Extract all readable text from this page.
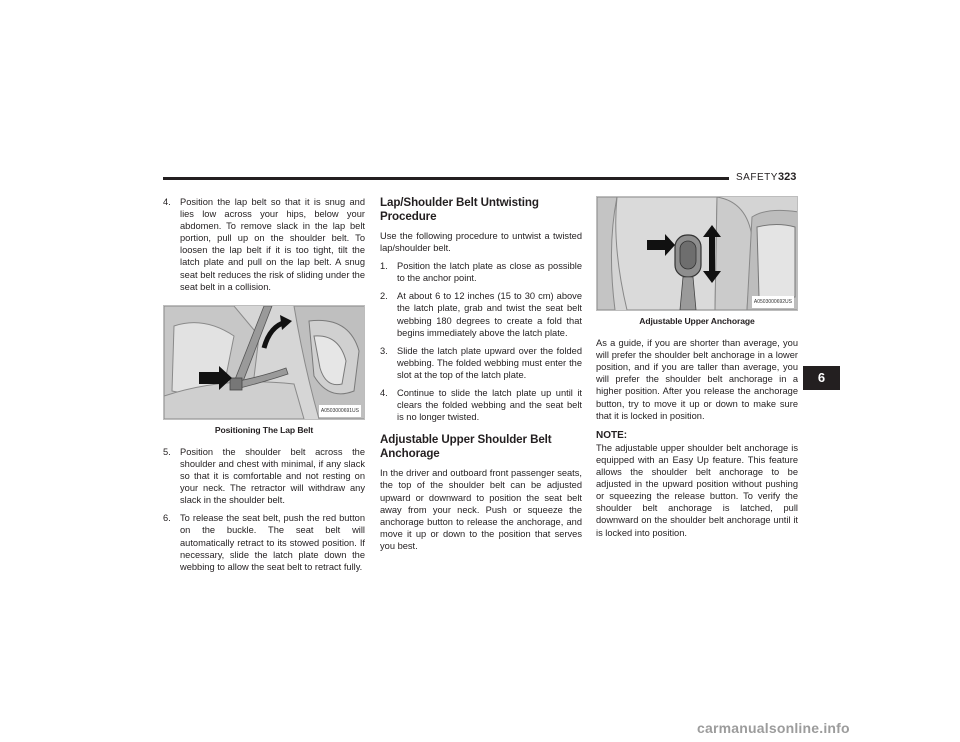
SAFETY 323
4. Position the lap belt so that it is snug and lies low across your hips, below your abdomen. To remove slack in the lap belt portion, pull up on the shoulder belt. To loosen the lap belt if it is too tight, tilt the latch plate and pull on the lap belt. A snug seat belt reduces the risk of sliding under the seat belt in a collision.
A0503000691US
Positioning The Lap Belt
5. Position the shoulder belt across the shoulder and chest with minimal, if any slack so that it is comfortable and not resting on your neck. The retractor will withdraw any slack in the shoulder belt.
6. To release the seat belt, push the red button on the buckle. The seat belt will automatically retract to its stowed position. If necessary, slide the latch plate down the webbing to allow the seat belt to retract fully.
Lap/Shoulder Belt Untwisting Procedure

Use the following procedure to untwist a twisted lap/shoulder belt.

1. Position the latch plate as close as possible to the anchor point.
2. At about 6 to 12 inches (15 to 30 cm) above the latch plate, grab and twist the seat belt webbing 180 degrees to create a fold that begins immediately above the latch plate.
3. Slide the latch plate upward over the folded webbing. The folded webbing must enter the slot at the top of the latch plate.
4. Continue to slide the latch plate up until it clears the folded webbing and the seat belt is no longer twisted.
Adjustable Upper Shoulder Belt Anchorage

In the driver and outboard front passenger seats, the top of the shoulder belt can be adjusted upward or downward to position the seat belt away from your neck. Push or squeeze the anchorage button to release the anchorage, and move it up or down to the position that serves you best.

A0503000692US
Adjustable Upper Anchorage

As a guide, if you are shorter than average, you will prefer the shoulder belt anchorage in a lower position, and if you are taller than average, you will prefer the shoulder belt anchorage in a higher position. After you release the anchorage button, try to move it up or down to make sure that it is locked in position.

NOTE:

The adjustable upper shoulder belt anchorage is equipped with an Easy Up feature. This feature allows the shoulder belt anchorage to be adjusted in the upward position without pushing or squeezing the release button. To verify the shoulder belt anchorage is latched, pull downward on the shoulder belt anchorage until it is locked into position.

6
carmanualsonline.info
